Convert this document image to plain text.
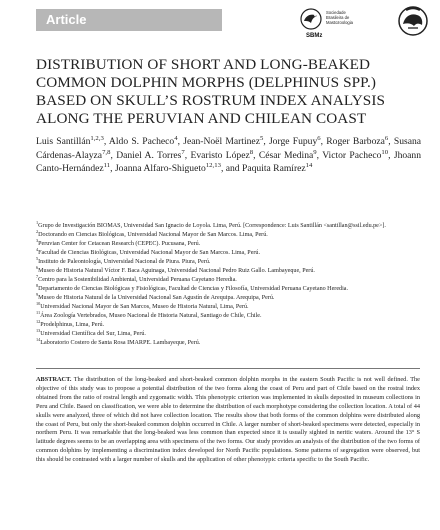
Article
SBMz
Sociedade
Brasileira de
Mastozoologia
DISTRIBUTION OF SHORT AND LONG-BEAKED COMMON DOLPHIN MORPHS (DELPHINUS SPP.) BASED ON SKULL’S ROSTRUM INDEX ANALYSIS ALONG THE PERUVIAN AND CHILEAN COAST

Luis Santillán$^{1,2,3}$, Aldo S. Pacheco$^4$, Jean-Noël Martinez$^5$, Jorge Fupuy$^6$, Roger Barboza$^6$, Susana Cárdenas-Alayza$^{7,8}$, Daniel A. Torres$^7$, Evaristo López$^8$, César Medina$^9$, Victor Pacheco$^{10}$, Jhoann Canto-Hernández$^{11}$, Joanna Alfaro-Shigueto$^{12,13}$, and Paquita Ramírez$^{14}$

$^1$Grupo de Investigación BIOMAS, Universidad San Ignacio de Loyola. Lima, Perú. [Correspondence: Luis Santillán <santillan@ssil.edu.pe>].
$^2$Doctorando en Ciencias Biológicas, Universidad Nacional Mayor de San Marcos. Lima, Perú.
$^3$Peruvian Center for Cetacean Research (CEPEC). Pucusana, Perú.
$^4$Facultad de Ciencias Biológicas, Universidad Nacional Mayor de San Marcos. Lima, Perú.
$^5$Instituto de Paleontología, Universidad Nacional de Piura. Piura, Perú.
$^6$Museo de Historia Natural Víctor F. Baca Aguinaga, Universidad Nacional Pedro Ruiz Gallo. Lambayeque, Perú.
$^7$Centro para la Sostenibilidad Ambiental, Universidad Peruana Cayetano Heredia.
$^8$Departamento de Ciencias Biológicas y Fisiológicas, Facultad de Ciencias y Filosofía, Universidad Peruana Cayetano Heredia.
$^9$Museo de Historia Natural de la Universidad Nacional San Agustín de Arequipa. Arequipa, Perú.
$^{10}$Universidad Nacional Mayor de San Marcos, Museo de Historia Natural, Lima, Perú.
$^{11}$Área Zoología Vertebrados, Museo Nacional de Historia Natural, Santiago de Chile, Chile.
$^{12}$Prodelphinus, Lima, Perú.
$^{13}$Universidad Científica del Sur, Lima, Perú.
$^{14}$Laboratorio Costero de Santa Rosa IMARPE. Lambayeque, Perú.

ABSTRACT. The distribution of the long-beaked and short-beaked common dolphin morphs in the eastern South Pacific is not well defined. The objective of this study was to propose a potential distribution of the two forms along the coast of Peru and part of Chile based on the rostral index obtained from the ratio of rostral length and zygomatic width. This phenotypic criterion was implemented in skulls deposited in museum collections in Peru and Chile. Based on classification, we were able to determine the distribution of each morphotype considering the collection location. A total of 44 skulls were analyzed, three of which did not have collection location. The results show that both forms of the common dolphins were distributed along the coast of Peru, but only the short-beaked common dolphin occurred in Chile. A larger number of short-beaked specimens were detected, especially in northern Peru. It was remarkable that the long-beaked was less common than expected since it is usually sighted in neritic waters. Around the 13° S latitude degrees seems to be an overlapping area with specimens of the two forms. Our study provides an analysis of the distribution of the two forms of common dolphins by implementing a discrimination index developed for North Pacific populations. Some patterns of segregation were observed, but this should be contrasted with a larger number of skulls and the application of other phenotypic criteria specific to the South Pacific.
